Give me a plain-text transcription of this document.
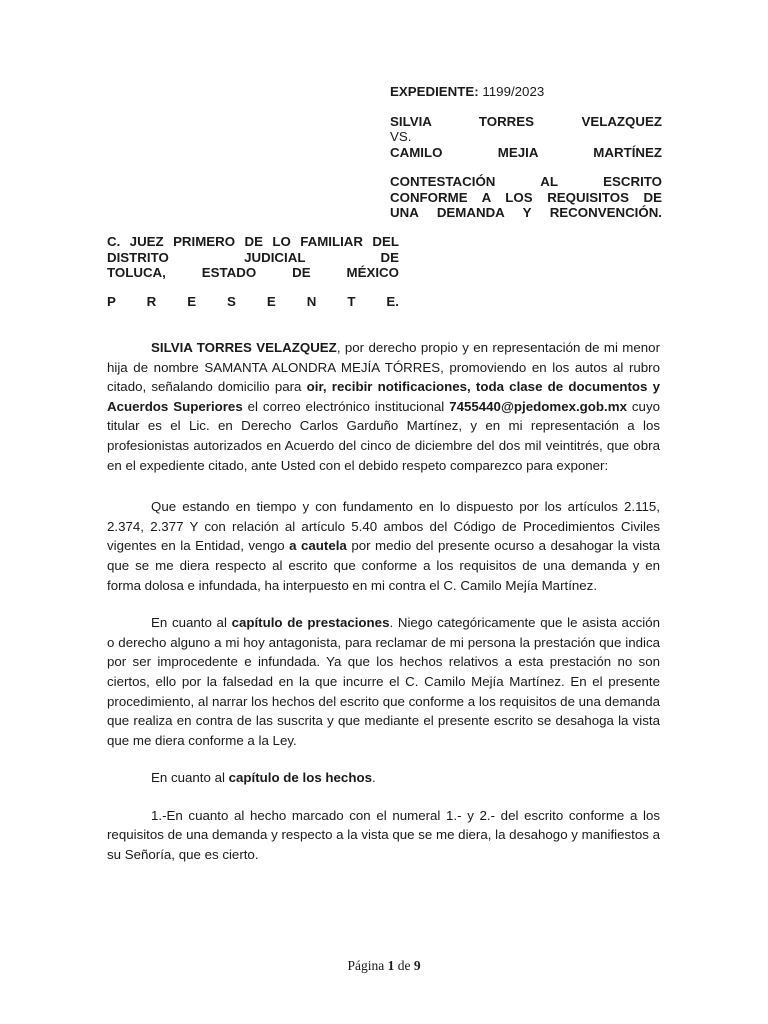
EXPEDIENTE: 1199/2023
SILVIA TORRES VELAZQUEZ
VS.
CAMILO MEJIA MARTÍNEZ
CONTESTACIÓN AL ESCRITO
CONFORME A LOS REQUISITOS DE
UNA DEMANDA Y RECONVENCIÓN.
C. JUEZ PRIMERO DE LO FAMILIAR DEL
DISTRITO JUDICIAL DE
TOLUCA, ESTADO DE MÉXICO
P R E S E N T E.

SILVIA TORRES VELAZQUEZ, por derecho propio y en representación de mi menor hija de nombre SAMANTA ALONDRA MEJÍA TÓRRES, promoviendo en los autos al rubro citado, señalando domicilio para oir, recibir notificaciones, toda clase de documentos y Acuerdos Superiores el correo electrónico institucional 7455440@pjedomex.gob.mx cuyo titular es el Lic. en Derecho Carlos Garduño Martínez, y en mi representación a los profesionistas autorizados en Acuerdo del cinco de diciembre del dos mil veintitrés, que obra en el expediente citado, ante Usted con el debido respeto comparezco para exponer:

Que estando en tiempo y con fundamento en lo dispuesto por los artículos 2.115, 2.374, 2.377 Y con relación al artículo 5.40 ambos del Código de Procedimientos Civiles vigentes en la Entidad, vengo a cautela por medio del presente ocurso a desahogar la vista que se me diera respecto al escrito que conforme a los requisitos de una demanda y en forma dolosa e infundada, ha interpuesto en mi contra el C. Camilo Mejía Martínez.

En cuanto al capítulo de prestaciones. Niego categóricamente que le asista acción o derecho alguno a mi hoy antagonista, para reclamar de mi persona la prestación que indica por ser improcedente e infundada. Ya que los hechos relativos a esta prestación no son ciertos, ello por la falsedad en la que incurre el C. Camilo Mejía Martínez. En el presente procedimiento, al narrar los hechos del escrito que conforme a los requisitos de una demanda que realiza en contra de las suscrita y que mediante el presente escrito se desahoga la vista que me diera conforme a la Ley.

En cuanto al capítulo de los hechos.

1.-En cuanto al hecho marcado con el numeral 1.- y 2.- del escrito conforme a los requisitos de una demanda y respecto a la vista que se me diera, la desahogo y manifiestos a su Señoría, que es cierto.

Página 1 de 9
